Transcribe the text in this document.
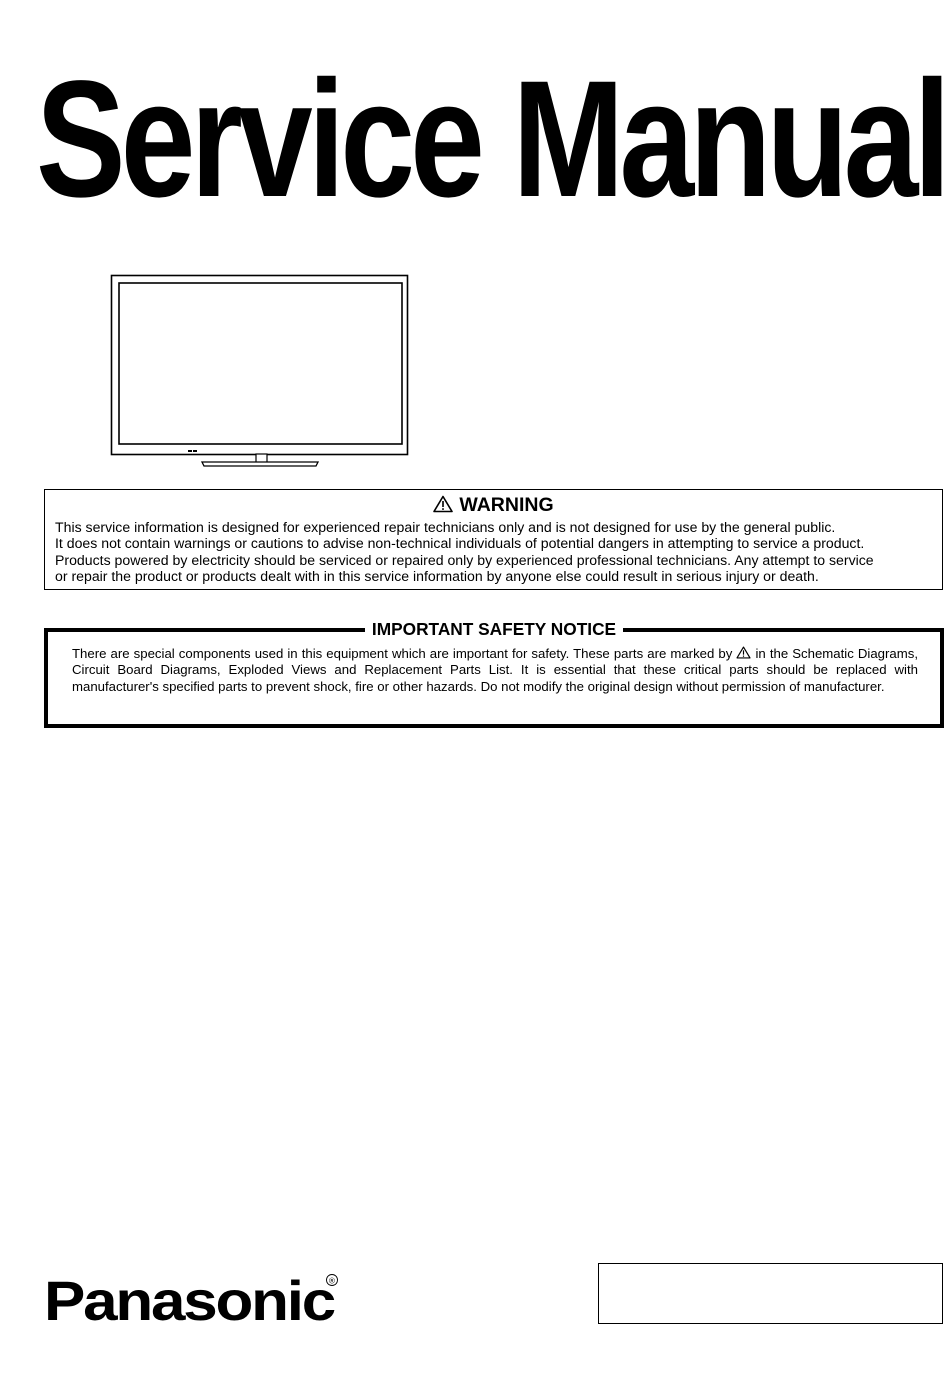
Service Manual

WARNING

This service information is designed for experienced repair technicians only and is not designed for use by the general public.

It does not contain warnings or cautions to advise non-technical individuals of potential dangers in attempting to service a product.

Products powered by electricity should be serviced or repaired only by experienced professional technicians. Any attempt to service

or repair the product or products dealt with in this service information by anyone else could result in serious injury or death.

IMPORTANT SAFETY NOTICE

There are special components used in this equipment which are important for safety. These parts are marked by in the Schematic Diagrams, Circuit Board Diagrams, Exploded Views and Replacement Parts List. It is essential that these critical parts should be replaced with manufacturer's specified parts to prevent shock, fire or other hazards. Do not modify the original design without permission of manufacturer.

Panasonic
®
